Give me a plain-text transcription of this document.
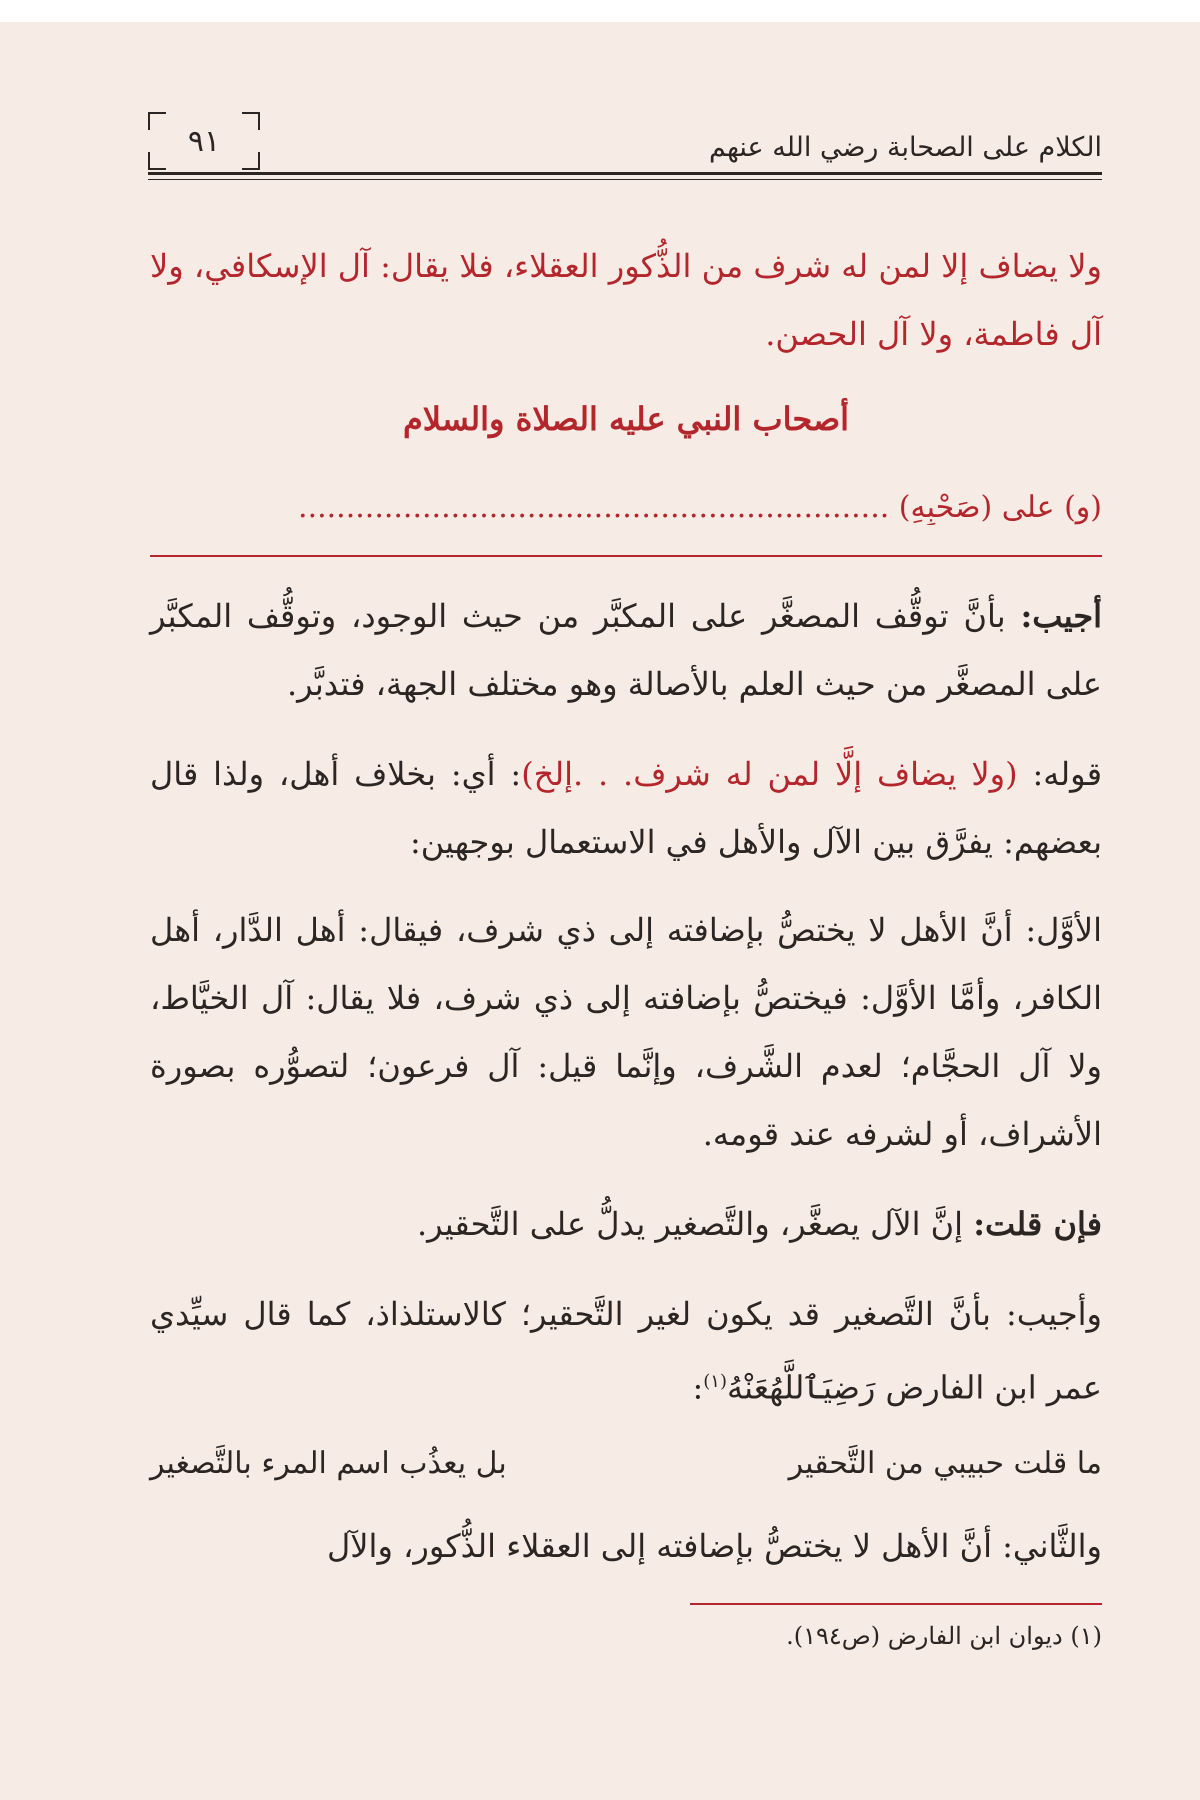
الكلام على الصحابة رضي الله عنهم
٩١
ولا يضاف إلا لمن له شرف من الذُّكور العقلاء، فلا يقال: آل الإسكافي، ولا آل فاطمة، ولا آل الحصن.
أصحاب النبي عليه الصلاة والسلام
(و) على (صَحْبِهِ) ..............................................................
أجيب: بأنَّ توقُّف المصغَّر على المكبَّر من حيث الوجود، وتوقُّف المكبَّر على المصغَّر من حيث العلم بالأصالة وهو مختلف الجهة، فتدبَّر.
قوله: (ولا يضاف إلَّا لمن له شرف. . .إلخ): أي: بخلاف أهل، ولذا قال بعضهم: يفرَّق بين الآل والأهل في الاستعمال بوجهين:
الأوَّل: أنَّ الأهل لا يختصُّ بإضافته إلى ذي شرف، فيقال: أهل الدَّار، أهل الكافر، وأمَّا الأوَّل: فيختصُّ بإضافته إلى ذي شرف، فلا يقال: آل الخيَّاط، ولا آل الحجَّام؛ لعدم الشَّرف، وإنَّما قيل: آل فرعون؛ لتصوُّره بصورة الأشراف، أو لشرفه عند قومه.
فإن قلت: إنَّ الآل يصغَّر، والتَّصغير يدلُّ على التَّحقير.
وأجيب: بأنَّ التَّصغير قد يكون لغير التَّحقير؛ كالاستلذاذ، كما قال سيِّدي عمر ابن الفارض رَضِيَٱللَّهُعَنْهُ$^{(١)}$:
ما قلت حبيبي من التَّحقير
بل يعذُب اسم المرء بالتَّصغير
والثَّاني: أنَّ الأهل لا يختصُّ بإضافته إلى العقلاء الذُّكور، والآل
(١) ديوان ابن الفارض (ص١٩٤).
